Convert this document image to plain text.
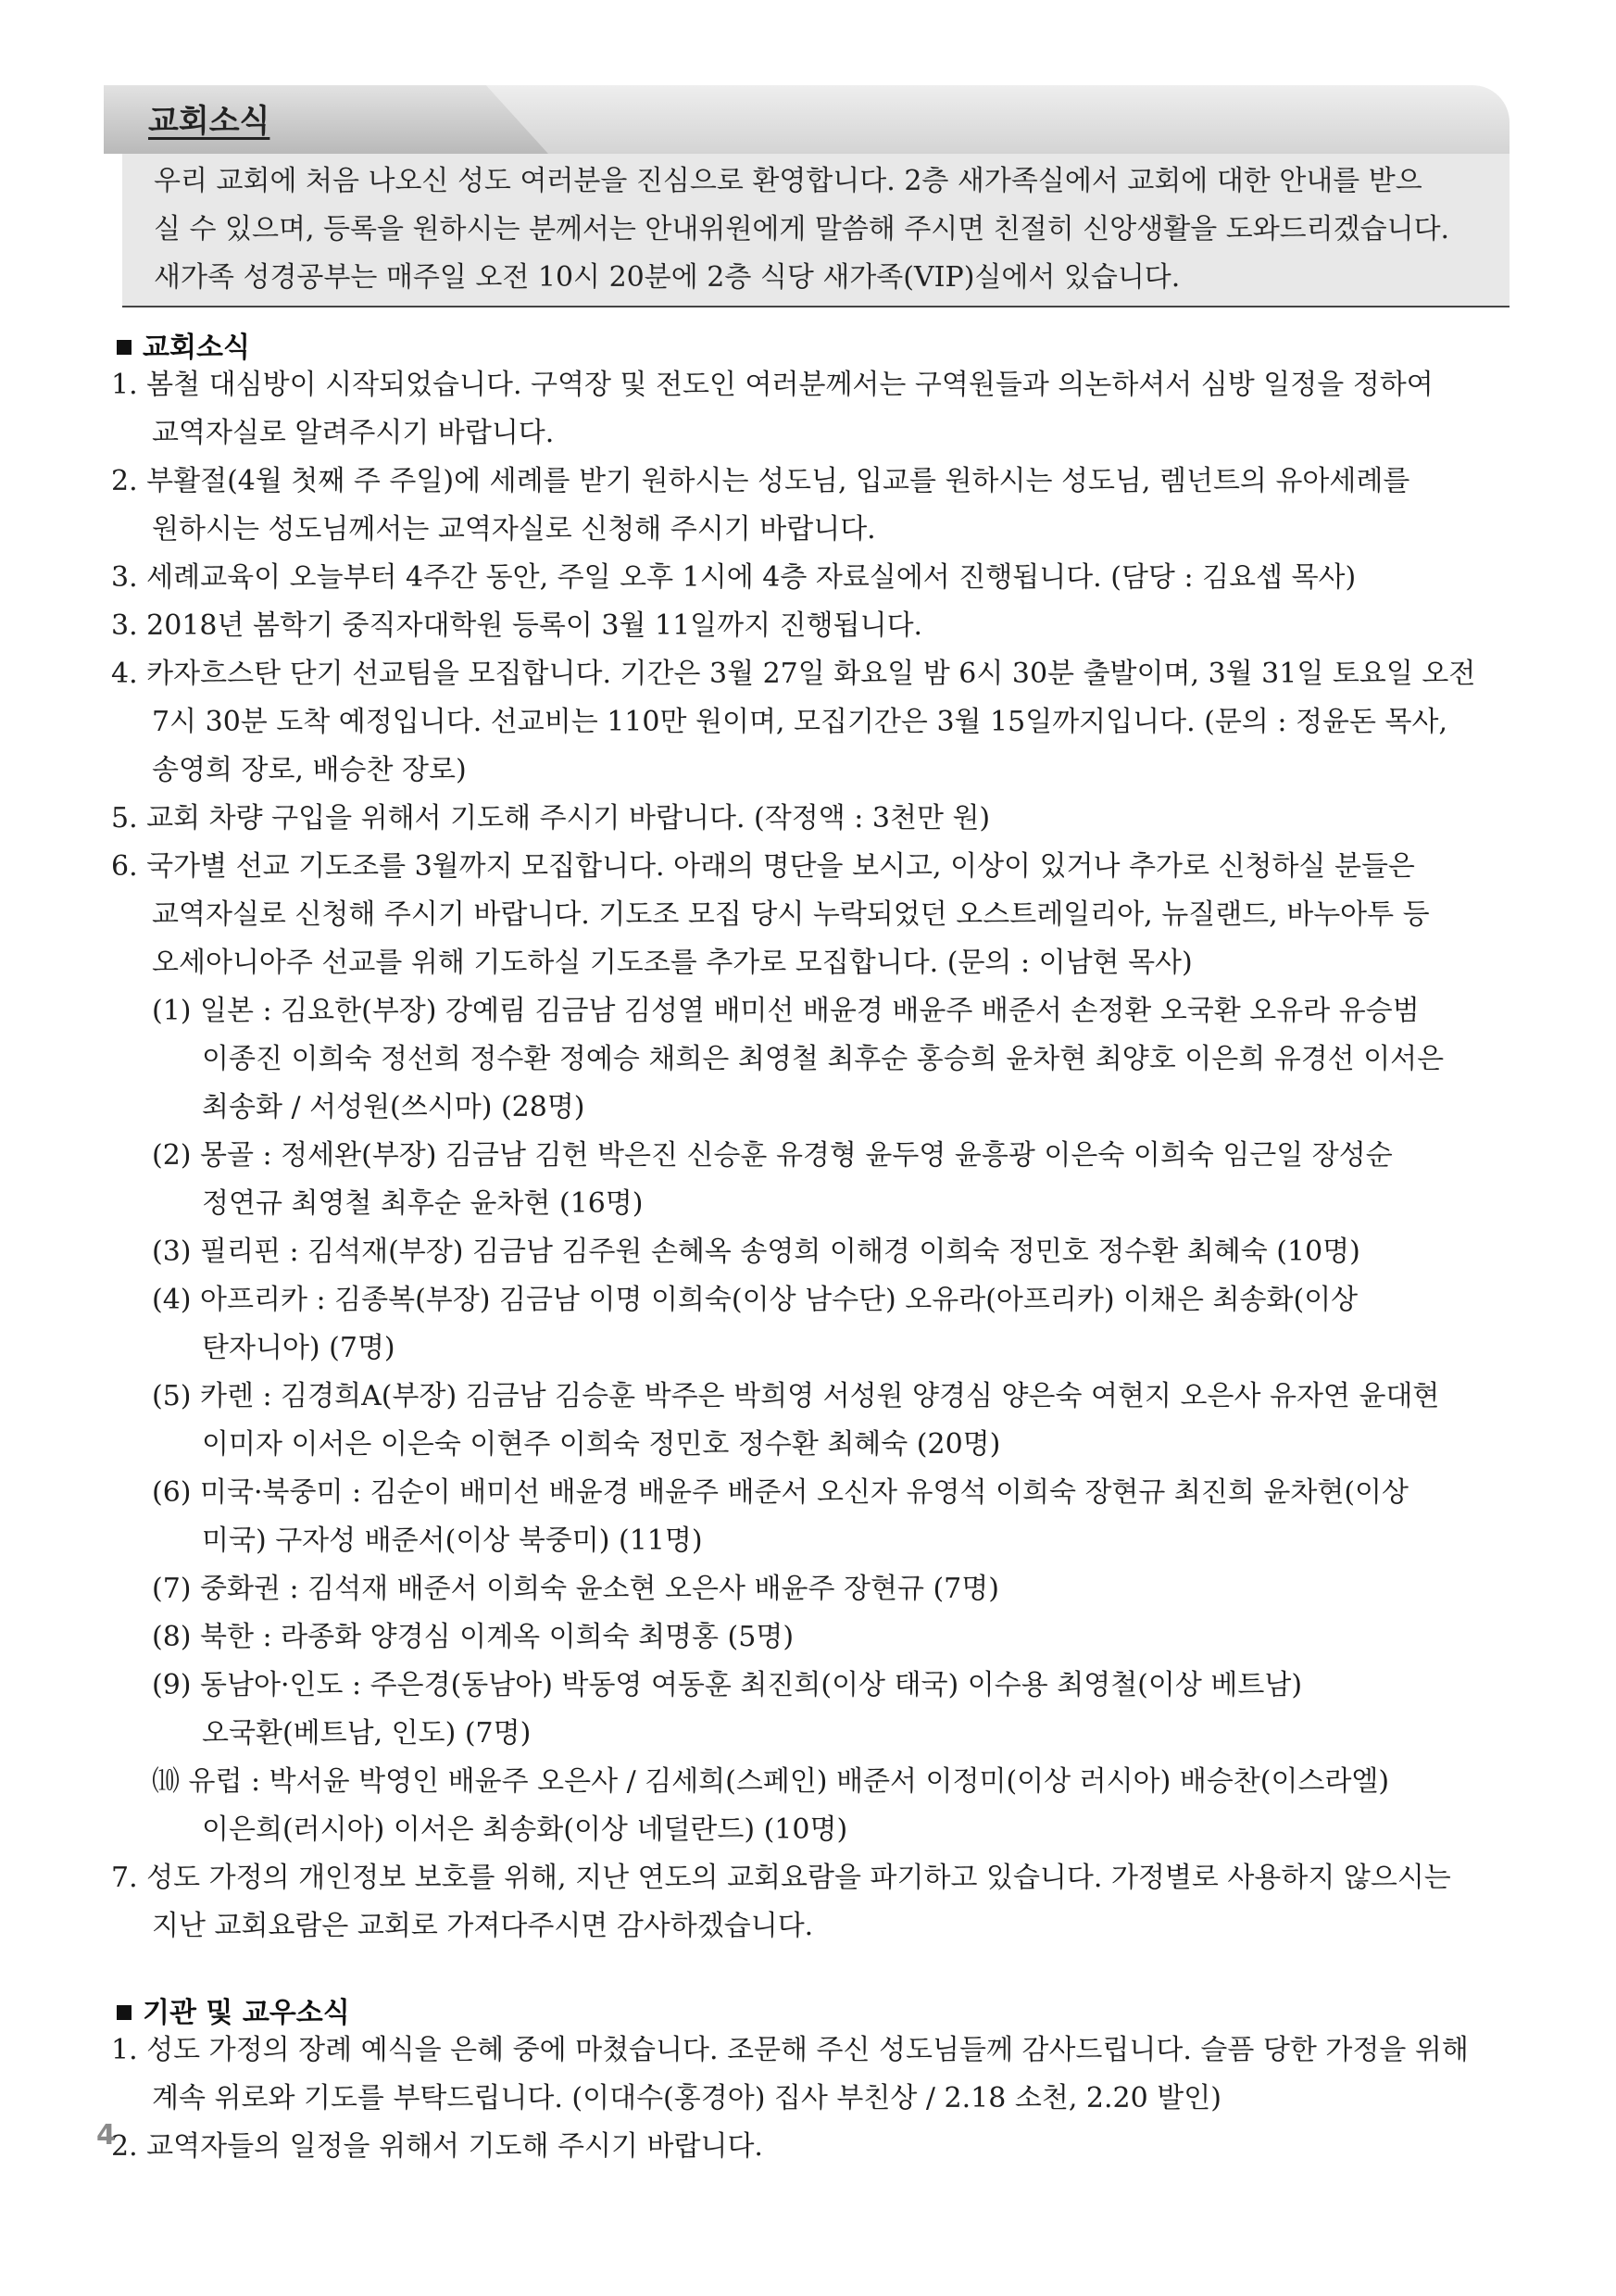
교회소식
우리 교회에 처음 나오신 성도 여러분을 진심으로 환영합니다. 2층 새가족실에서 교회에 대한 안내를 받으
실 수 있으며, 등록을 원하시는 분께서는 안내위원에게 말씀해 주시면 친절히 신앙생활을 도와드리겠습니다.
새가족 성경공부는 매주일 오전 10시 20분에 2층 식당 새가족(VIP)실에서 있습니다.
교회소식
1. 봄철 대심방이 시작되었습니다. 구역장 및 전도인 여러분께서는 구역원들과 의논하셔서 심방 일정을 정하여
교역자실로 알려주시기 바랍니다.
2. 부활절(4월 첫째 주 주일)에 세례를 받기 원하시는 성도님, 입교를 원하시는 성도님, 렘넌트의 유아세례를
원하시는 성도님께서는 교역자실로 신청해 주시기 바랍니다.
3. 세례교육이 오늘부터 4주간 동안, 주일 오후 1시에 4층 자료실에서 진행됩니다. (담당 : 김요셉 목사)
3. 2018년 봄학기 중직자대학원 등록이 3월 11일까지 진행됩니다.
4. 카자흐스탄 단기 선교팀을 모집합니다. 기간은 3월 27일 화요일 밤 6시 30분 출발이며, 3월 31일 토요일 오전
7시 30분 도착 예정입니다. 선교비는 110만 원이며, 모집기간은 3월 15일까지입니다. (문의 : 정윤돈 목사,
송영희 장로, 배승찬 장로)
5. 교회 차량 구입을 위해서 기도해 주시기 바랍니다. (작정액 : 3천만 원)
6. 국가별 선교 기도조를 3월까지 모집합니다. 아래의 명단을 보시고, 이상이 있거나 추가로 신청하실 분들은
교역자실로 신청해 주시기 바랍니다. 기도조 모집 당시 누락되었던 오스트레일리아, 뉴질랜드, 바누아투 등
오세아니아주 선교를 위해 기도하실 기도조를 추가로 모집합니다. (문의 : 이남현 목사)
(1) 일본 : 김요한(부장) 강예림 김금남 김성열 배미선 배윤경 배윤주 배준서 손정환 오국환 오유라 유승범
이종진 이희숙 정선희 정수환 정예승 채희은 최영철 최후순 홍승희 윤차현 최양호 이은희 유경선 이서은
최송화 / 서성원(쓰시마) (28명)
(2) 몽골 : 정세완(부장) 김금남 김헌 박은진 신승훈 유경형 윤두영 윤흥광 이은숙 이희숙 임근일 장성순
정연규 최영철 최후순 윤차현 (16명)
(3) 필리핀 : 김석재(부장) 김금남 김주원 손혜옥 송영희 이해경 이희숙 정민호 정수환 최혜숙 (10명)
(4) 아프리카 : 김종복(부장) 김금남 이명 이희숙(이상 남수단) 오유라(아프리카) 이채은 최송화(이상
탄자니아) (7명)
(5) 카렌 : 김경희A(부장) 김금남 김승훈 박주은 박희영 서성원 양경심 양은숙 여현지 오은사 유자연 윤대현
이미자 이서은 이은숙 이현주 이희숙 정민호 정수환 최혜숙 (20명)
(6) 미국·북중미 : 김순이 배미선 배윤경 배윤주 배준서 오신자 유영석 이희숙 장현규 최진희 윤차현(이상
미국) 구자성 배준서(이상 북중미) (11명)
(7) 중화권 : 김석재 배준서 이희숙 윤소현 오은사 배윤주 장현규 (7명)
(8) 북한 : 라종화 양경심 이계옥 이희숙 최명홍 (5명)
(9) 동남아·인도 : 주은경(동남아) 박동영 여동훈 최진희(이상 태국) 이수용 최영철(이상 베트남)
오국환(베트남, 인도) (7명)
⑽ 유럽 : 박서윤 박영인 배윤주 오은사 / 김세희(스페인) 배준서 이정미(이상 러시아) 배승찬(이스라엘)
이은희(러시아) 이서은 최송화(이상 네덜란드) (10명)
7. 성도 가정의 개인정보 보호를 위해, 지난 연도의 교회요람을 파기하고 있습니다. 가정별로 사용하지 않으시는
지난 교회요람은 교회로 가져다주시면 감사하겠습니다.
기관 및 교우소식
1. 성도 가정의 장례 예식을 은혜 중에 마쳤습니다. 조문해 주신 성도님들께 감사드립니다. 슬픔 당한 가정을 위해
계속 위로와 기도를 부탁드립니다. (이대수(홍경아) 집사 부친상 / 2.18 소천, 2.20 발인)
2. 교역자들의 일정을 위해서 기도해 주시기 바랍니다.
4
